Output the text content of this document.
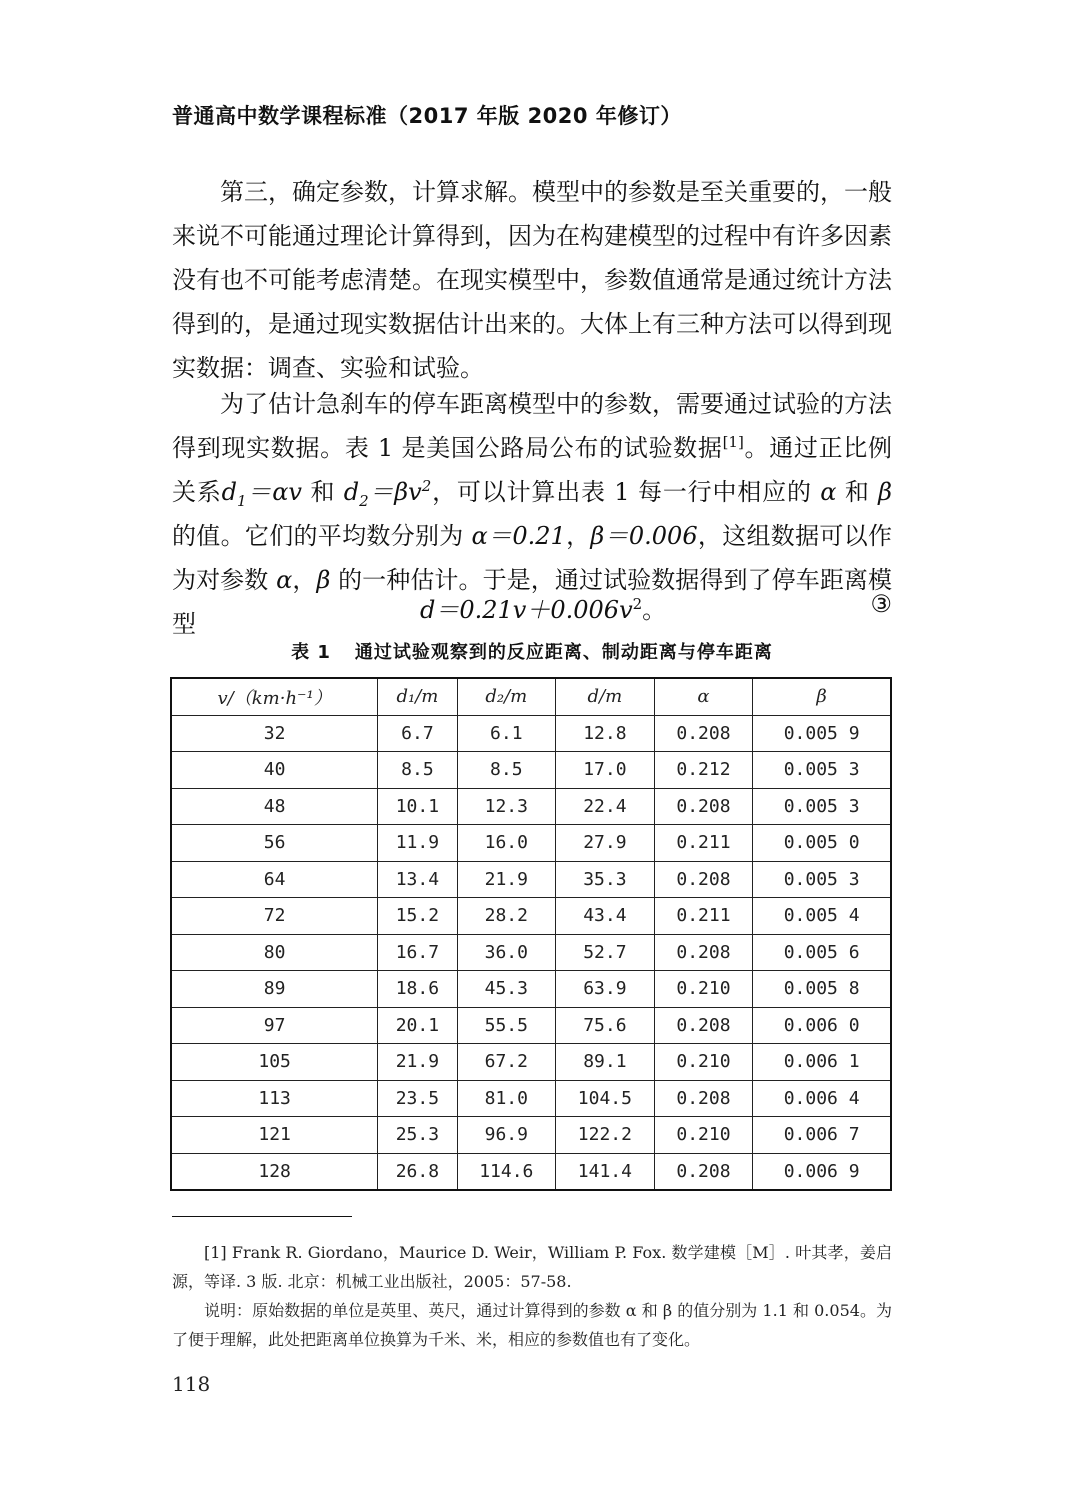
普通高中数学课程标准（2017 年版 2020 年修订）

第三，确定参数，计算求解。模型中的参数是至关重要的，一般来说不可能通过理论计算得到，因为在构建模型的过程中有许多因素没有也不可能考虑清楚。在现实模型中，参数值通常是通过统计方法得到的，是通过现实数据估计出来的。大体上有三种方法可以得到现实数据：调查、实验和试验。

为了估计急刹车的停车距离模型中的参数，需要通过试验的方法得到现实数据。表 1 是美国公路局公布的试验数据[1]。通过正比例关系$d_1=\alpha v$ 和 $d_2=\beta v^2$，可以计算出表 1 每一行中相应的 α 和 β 的值。它们的平均数分别为 α＝0.21，β＝0.006，这组数据可以作为对参数 α，β 的一种估计。于是，通过试验数据得到了停车距离模型	$d=0.21v+0.006v^2$。	③
表 1 通过试验观察到的反应距离、制动距离与停车距离
v/（km·h⁻¹）	d₁/m	d₂/m	d/m	α	β
32	6.7	6.1	12.8	0.208	0.005 9
40	8.5	8.5	17.0	0.212	0.005 3
48	10.1	12.3	22.4	0.208	0.005 3
56	11.9	16.0	27.9	0.211	0.005 0
64	13.4	21.9	35.3	0.208	0.005 3
72	15.2	28.2	43.4	0.211	0.005 4
80	16.7	36.0	52.7	0.208	0.005 6
89	18.6	45.3	63.9	0.210	0.005 8
97	20.1	55.5	75.6	0.208	0.006 0
105	21.9	67.2	89.1	0.210	0.006 1
113	23.5	81.0	104.5	0.208	0.006 4
121	25.3	96.9	122.2	0.210	0.006 7
128	26.8	114.6	141.4	0.208	0.006 9

[1] Frank R. Giordano，Maurice D. Weir，William P. Fox. 数学建模［M］. 叶其孝，姜启源，等译. 3 版. 北京：机械工业出版社，2005：57-58.

说明：原始数据的单位是英里、英尺，通过计算得到的参数 α 和 β 的值分别为 1.1 和 0.054。为了便于理解，此处把距离单位换算为千米、米，相应的参数值也有了变化。

118
